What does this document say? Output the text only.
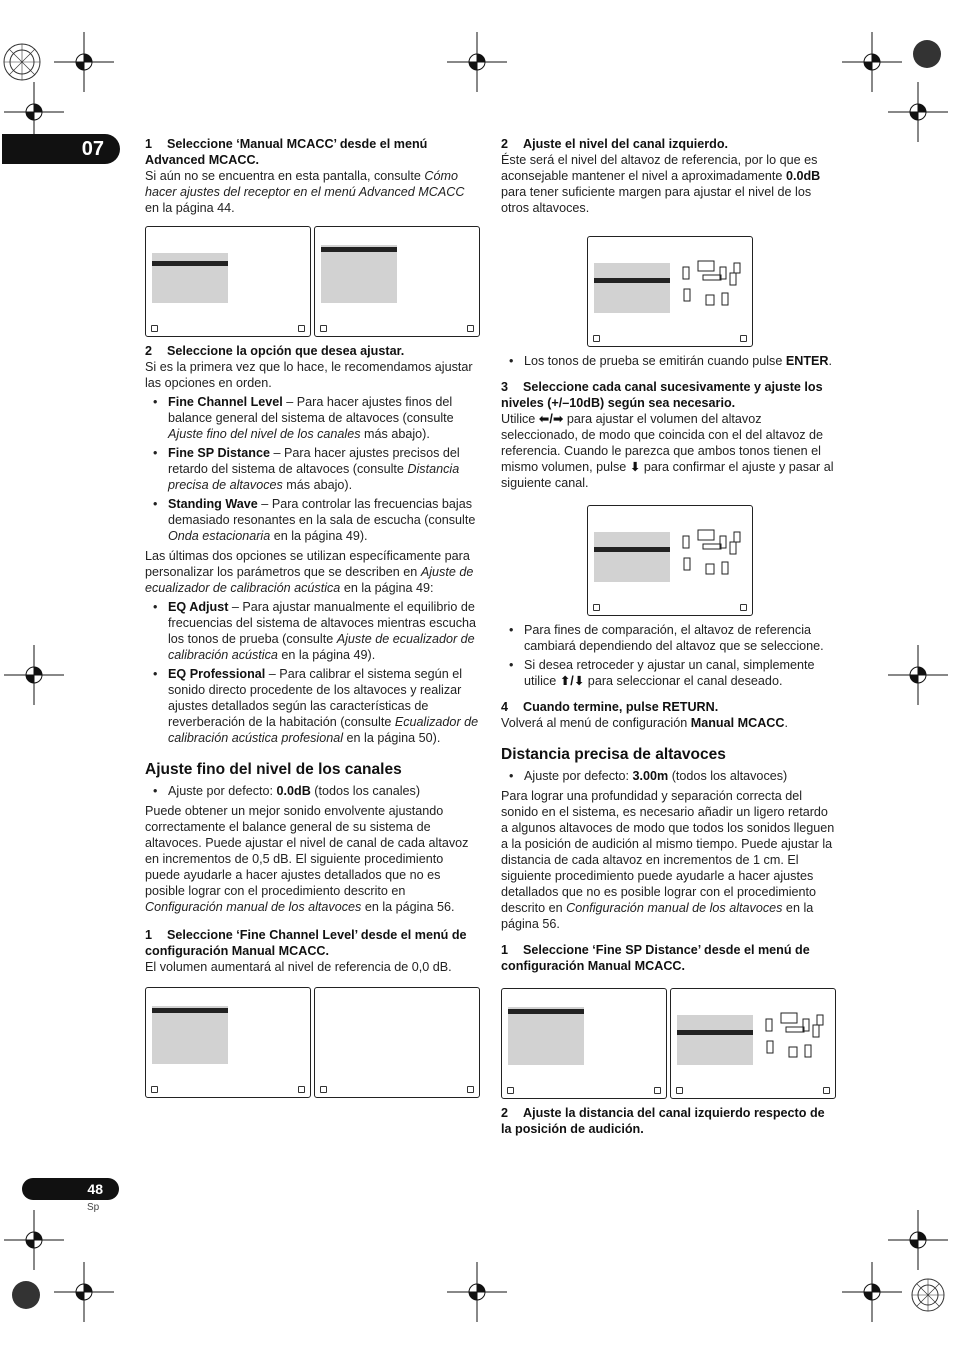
07
48
Sp
1 Seleccione ‘Manual MCACC’ desde el menú Advanced MCACC.

Si aún no se encuentra en esta pantalla, consulte Cómo hacer ajustes del receptor en el menú Advanced MCACC en la página 44.

2 Seleccione la opción que desea ajustar.

Si es la primera vez que lo hace, le recomendamos ajustar las opciones en orden.

• Fine Channel Level – Para hacer ajustes finos del balance general del sistema de altavoces (consulte Ajuste fino del nivel de los canales más abajo).

• Fine SP Distance – Para hacer ajustes precisos del retardo del sistema de altavoces (consulte Distancia precisa de altavoces más abajo).

• Standing Wave – Para controlar las frecuencias bajas demasiado resonantes en la sala de escucha (consulte Onda estacionaria en la página 49).

Las últimas dos opciones se utilizan específicamente para personalizar los parámetros que se describen en Ajuste de ecualizador de calibración acústica en la página 49:

• EQ Adjust – Para ajustar manualmente el equilibrio de frecuencias del sistema de altavoces mientras escucha los tonos de prueba (consulte Ajuste de ecualizador de calibración acústica en la página 49).

• EQ Professional – Para calibrar el sistema según el sonido directo procedente de los altavoces y realizar ajustes detallados según las características de reverberación de la habitación (consulte Ecualizador de calibración acústica profesional en la página 50).

Ajuste fino del nivel de los canales

• Ajuste por defecto: 0.0dB (todos los canales)

Puede obtener un mejor sonido envolvente ajustando correctamente el balance general de su sistema de altavoces. Puede ajustar el nivel de canal de cada altavoz en incrementos de 0,5 dB. El siguiente procedimiento puede ayudarle a hacer ajustes detallados que no es posible lograr con el procedimiento descrito en Configuración manual de los altavoces en la página 56.

1 Seleccione ‘Fine Channel Level’ desde el menú de configuración Manual MCACC.

El volumen aumentará al nivel de referencia de 0,0 dB.

2 Ajuste el nivel del canal izquierdo.

Éste será el nivel del altavoz de referencia, por lo que es aconsejable mantener el nivel a aproximadamente 0.0dB para tener suficiente margen para ajustar el nivel de los otros altavoces.

• Los tonos de prueba se emitirán cuando pulse ENTER.

3 Seleccione cada canal sucesivamente y ajuste los niveles (+/–10dB) según sea necesario.

Utilice ⬅/➡ para ajustar el volumen del altavoz seleccionado, de modo que coincida con el del altavoz de referencia. Cuando le parezca que ambos tonos tienen el mismo volumen, pulse ⬇ para confirmar el ajuste y pasar al siguiente canal.

• Para fines de comparación, el altavoz de referencia cambiará dependiendo del altavoz que se seleccione.

• Si desea retroceder y ajustar un canal, simplemente utilice ⬆/⬇ para seleccionar el canal deseado.

4 Cuando termine, pulse RETURN.

Volverá al menú de configuración Manual MCACC.

Distancia precisa de altavoces

• Ajuste por defecto: 3.00m (todos los altavoces)

Para lograr una profundidad y separación correcta del sonido en el sistema, es necesario añadir un ligero retardo a algunos altavoces de modo que todos los sonidos lleguen a la posición de audición al mismo tiempo. Puede ajustar la distancia de cada altavoz en incrementos de 1 cm. El siguiente procedimiento puede ayudarle a hacer ajustes detallados que no es posible lograr con el procedimiento descrito en Configuración manual de los altavoces en la página 56.

1 Seleccione ‘Fine SP Distance’ desde el menú de configuración Manual MCACC.
2 Ajuste la distancia del canal izquierdo respecto de la posición de audición.
